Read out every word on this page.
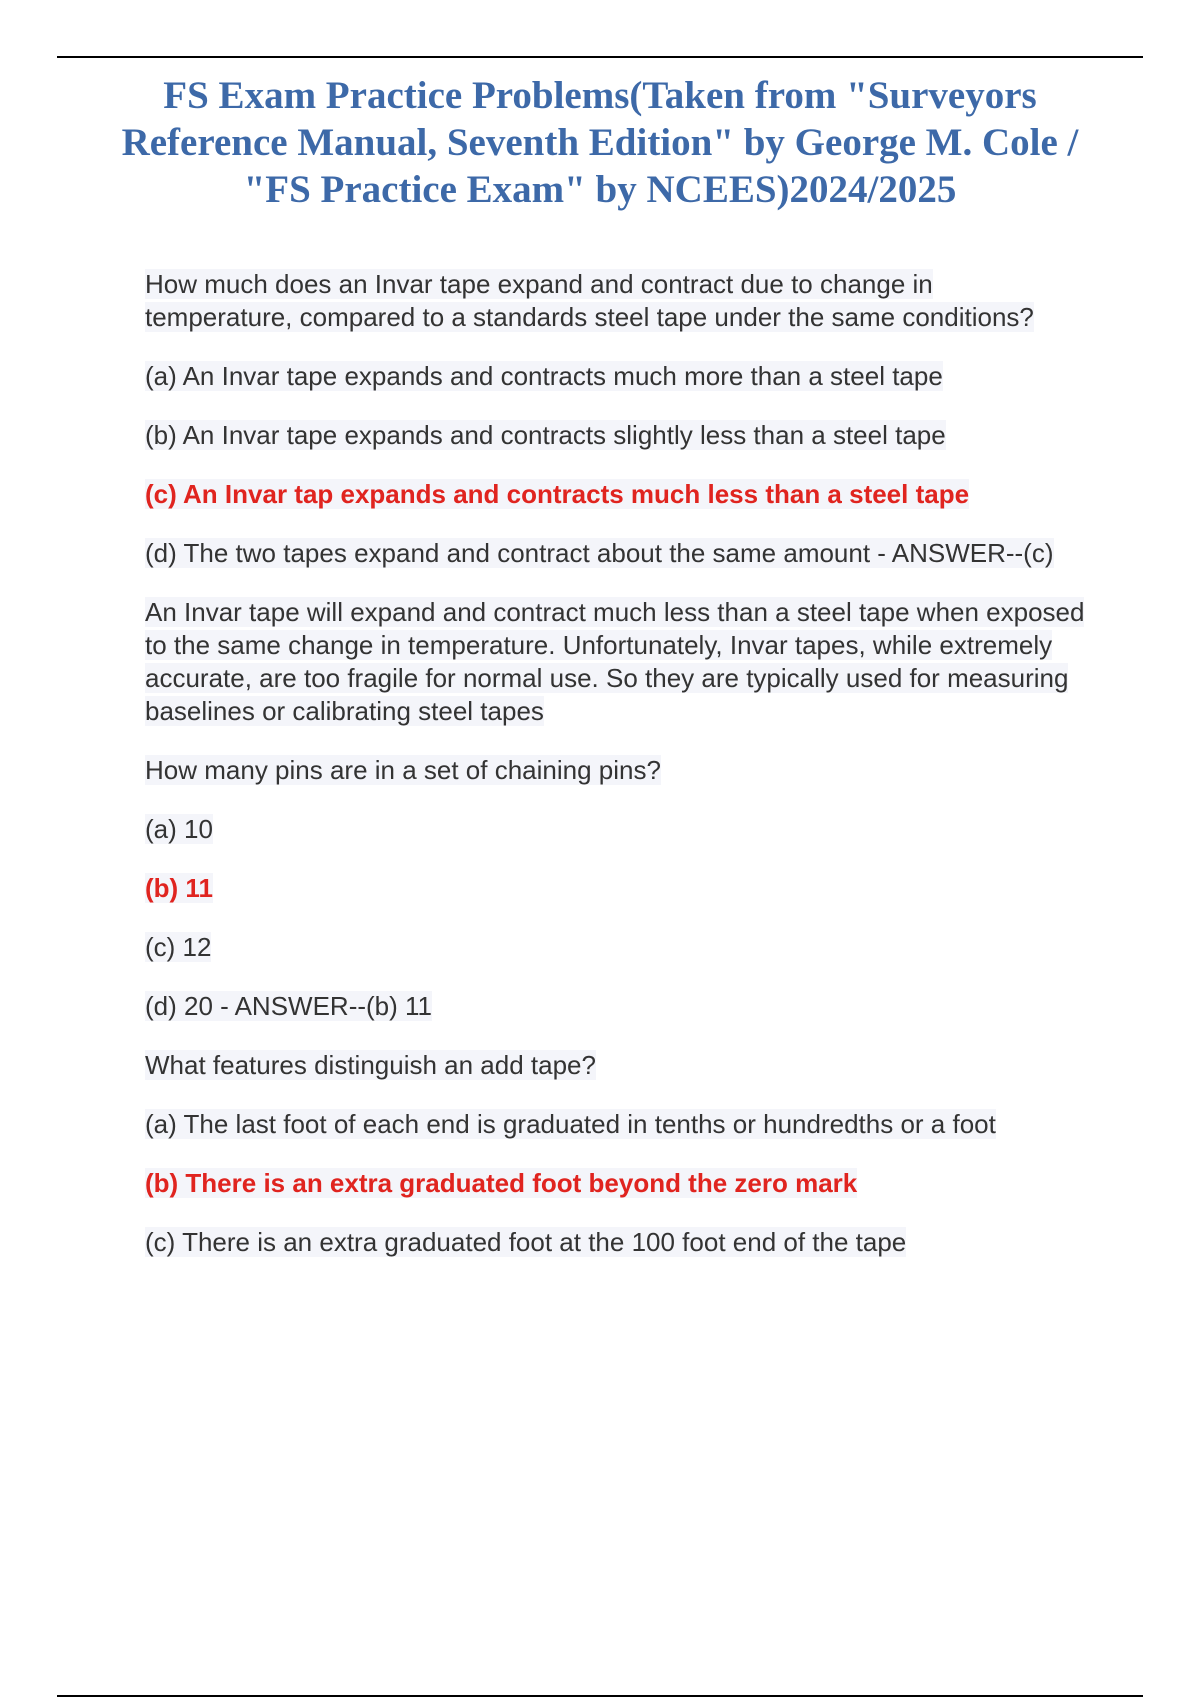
FS Exam Practice Problems(Taken from "Surveyors Reference Manual, Seventh Edition" by George M. Cole / "FS Practice Exam" by NCEES)2024/2025

How much does an Invar tape expand and contract due to change in temperature, compared to a standards steel tape under the same conditions?

(a) An Invar tape expands and contracts much more than a steel tape

(b) An Invar tape expands and contracts slightly less than a steel tape

(c) An Invar tap expands and contracts much less than a steel tape

(d) The two tapes expand and contract about the same amount - ANSWER--(c)

An Invar tape will expand and contract much less than a steel tape when exposed to the same change in temperature. Unfortunately, Invar tapes, while extremely accurate, are too fragile for normal use. So they are typically used for measuring baselines or calibrating steel tapes

How many pins are in a set of chaining pins?

(a) 10

(b) 11

(c) 12

(d) 20 - ANSWER--(b) 11

What features distinguish an add tape?

(a) The last foot of each end is graduated in tenths or hundredths or a foot

(b) There is an extra graduated foot beyond the zero mark

(c) There is an extra graduated foot at the 100 foot end of the tape
